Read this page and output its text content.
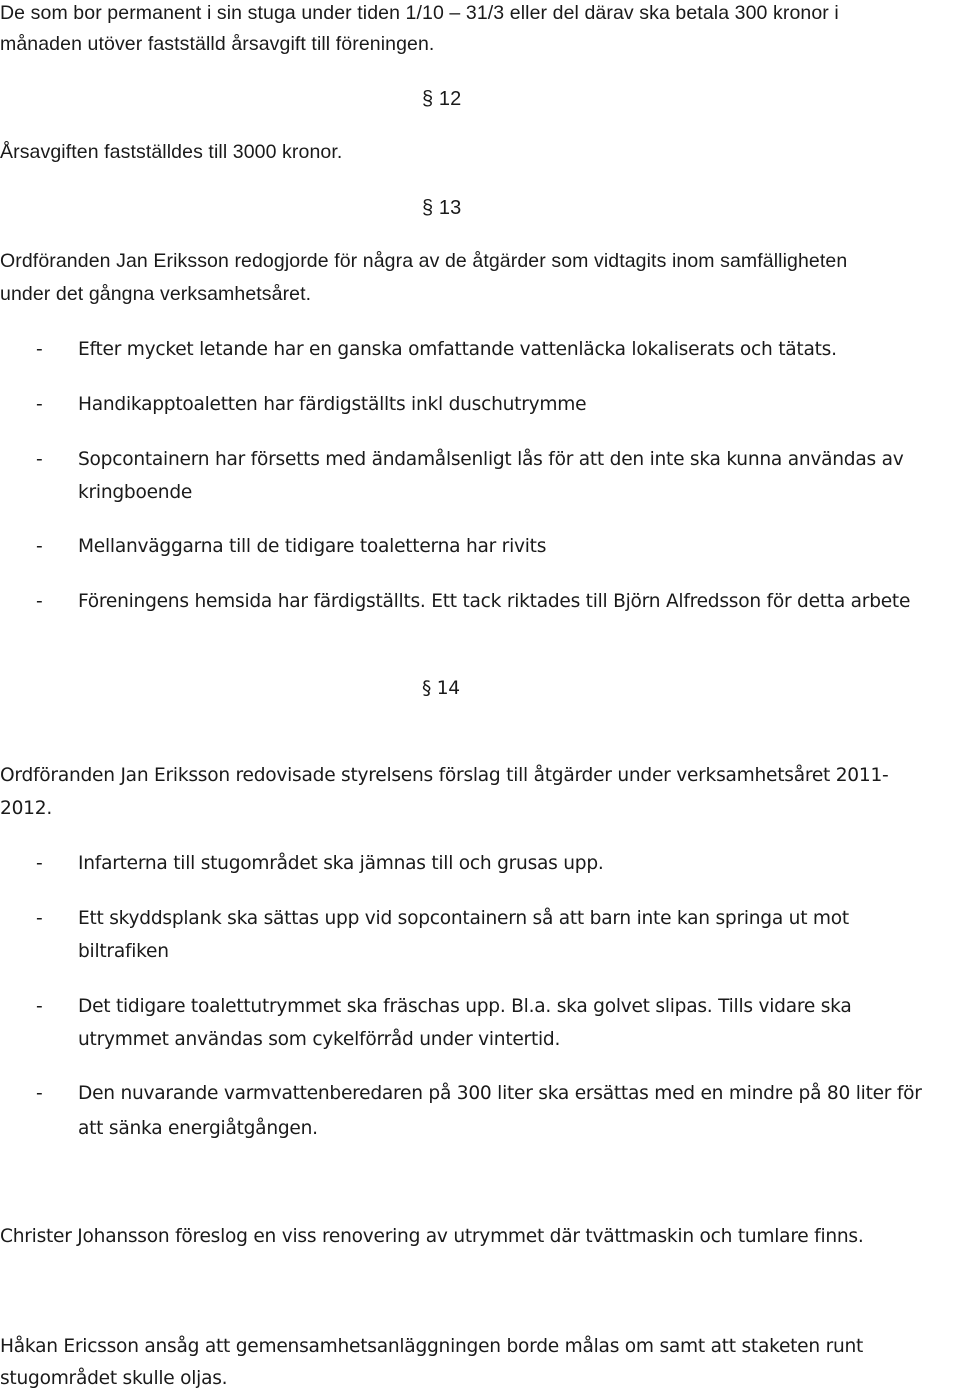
De som bor permanent i sin stuga under tiden 1/10 – 31/3 eller del därav ska betala 300 kronor i

månaden utöver fastställd årsavgift till föreningen.

§ 12

Årsavgiften fastställdes till 3000 kronor.

§ 13

Ordföranden Jan Eriksson redogjorde för några av de åtgärder som vidtagits inom samfälligheten

under det gångna verksamhetsåret.

- Efter mycket letande har en ganska omfattande vattenläcka lokaliserats och tätats.
- Handikapptoaletten har färdigställts inkl duschutrymme
- Sopcontainern har försetts med ändamålsenligt lås för att den inte ska kunna användas av
kringboende
- Mellanväggarna till de tidigare toaletterna har rivits
- Föreningens hemsida har färdigställts. Ett tack riktades till Björn Alfredsson för detta arbete
§ 14

Ordföranden Jan Eriksson redovisade styrelsens förslag till åtgärder under verksamhetsåret 2011-

2012.

- Infarterna till stugområdet ska jämnas till och grusas upp.
- Ett skyddsplank ska sättas upp vid sopcontainern så att barn inte kan springa ut mot
biltrafiken
- Det tidigare toalettutrymmet ska fräschas upp. Bl.a. ska golvet slipas. Tills vidare ska
utrymmet användas som cykelförråd under vintertid.
- Den nuvarande varmvattenberedaren på 300 liter ska ersättas med en mindre på 80 liter för
att sänka energiåtgången.

Christer Johansson föreslog en viss renovering av utrymmet där tvättmaskin och tumlare finns.

Håkan Ericsson ansåg att gemensamhetsanläggningen borde målas om samt att staketen runt

stugområdet skulle oljas.
